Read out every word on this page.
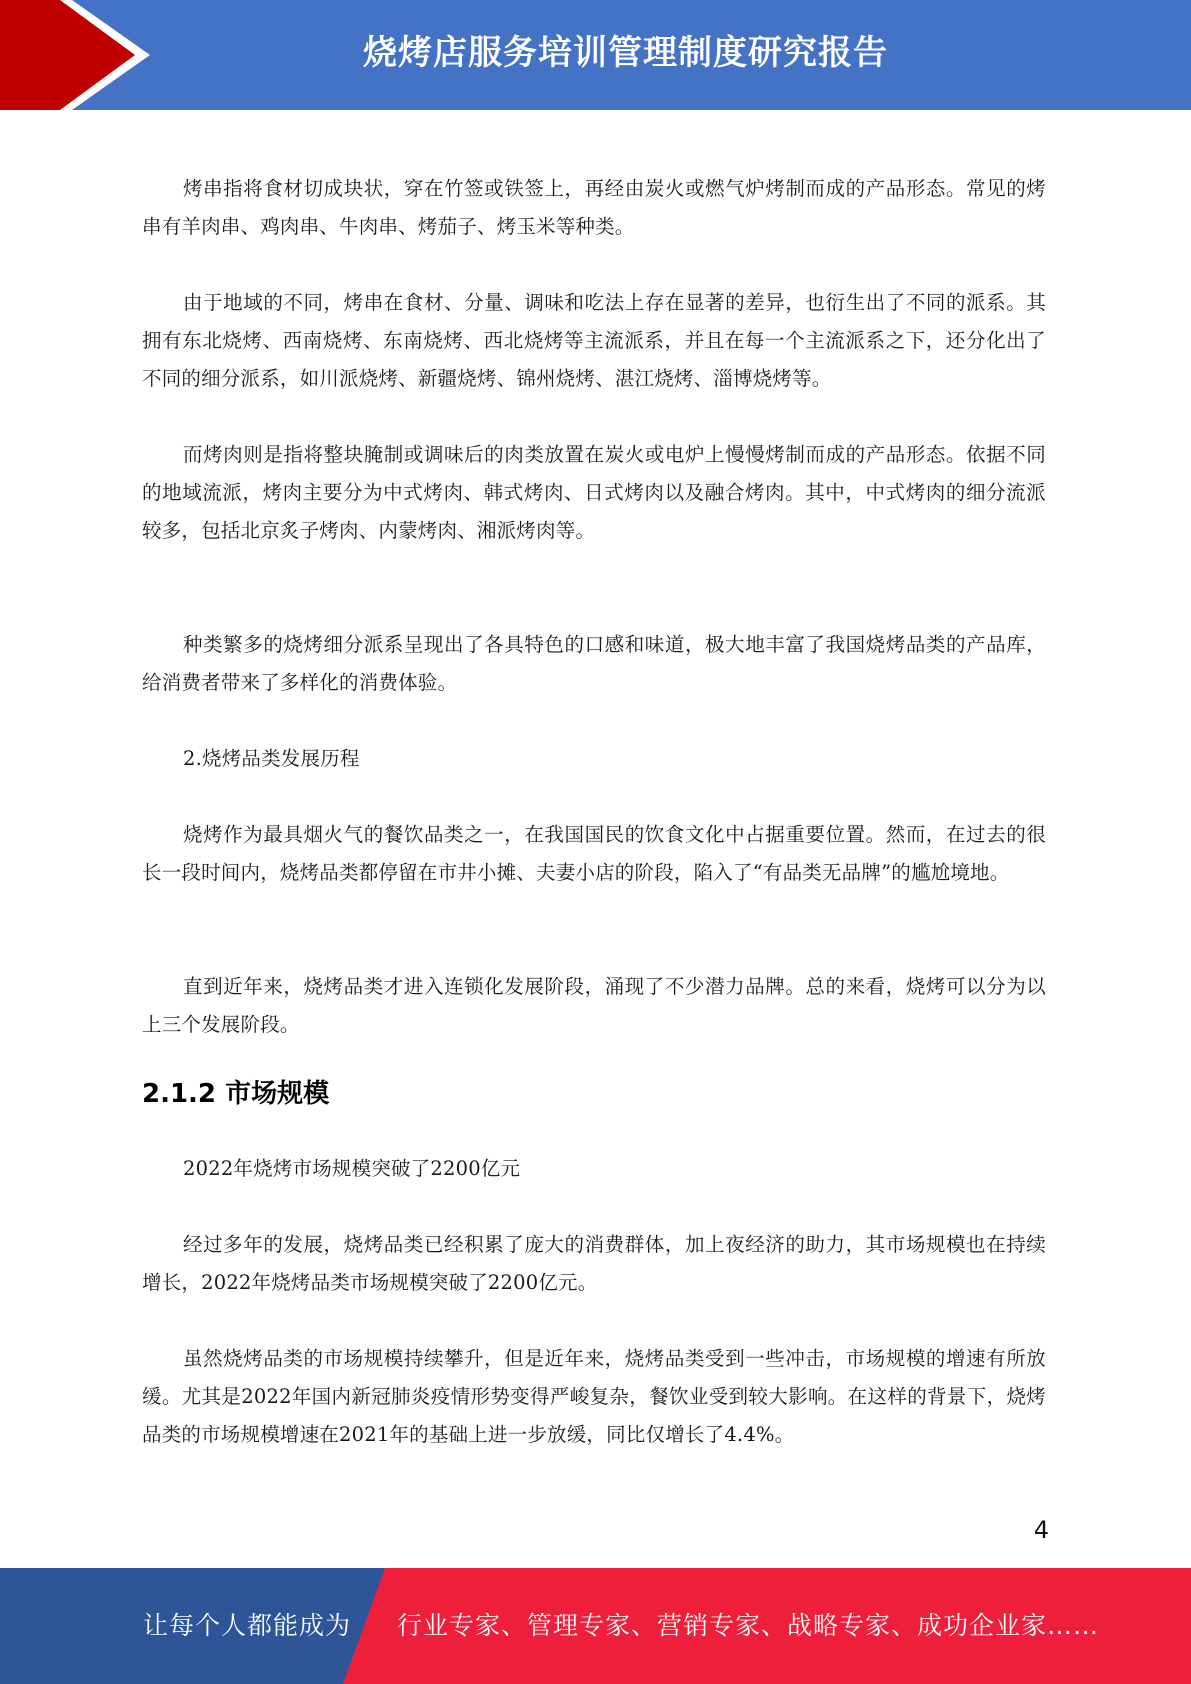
烧烤店服务培训管理制度研究报告

烤串指将食材切成块状，穿在竹签或铁签上，再经由炭火或燃气炉烤制而成的产品形态。常见的烤串有羊肉串、鸡肉串、牛肉串、烤茄子、烤玉米等种类。

由于地域的不同，烤串在食材、分量、调味和吃法上存在显著的差异，也衍生出了不同的派系。其拥有东北烧烤、西南烧烤、东南烧烤、西北烧烤等主流派系，并且在每一个主流派系之下，还分化出了不同的细分派系，如川派烧烤、新疆烧烤、锦州烧烤、湛江烧烤、淄博烧烤等。

而烤肉则是指将整块腌制或调味后的肉类放置在炭火或电炉上慢慢烤制而成的产品形态。依据不同的地域流派，烤肉主要分为中式烤肉、韩式烤肉、日式烤肉以及融合烤肉。其中，中式烤肉的细分流派较多，包括北京炙子烤肉、内蒙烤肉、湘派烤肉等。

种类繁多的烧烤细分派系呈现出了各具特色的口感和味道，极大地丰富了我国烧烤品类的产品库，给消费者带来了多样化的消费体验。

2.烧烤品类发展历程

烧烤作为最具烟火气的餐饮品类之一，在我国国民的饮食文化中占据重要位置。然而，在过去的很长一段时间内，烧烤品类都停留在市井小摊、夫妻小店的阶段，陷入了“有品类无品牌”的尴尬境地。

直到近年来，烧烤品类才进入连锁化发展阶段，涌现了不少潜力品牌。总的来看，烧烤可以分为以上三个发展阶段。

2.1.2 市场规模

2022年烧烤市场规模突破了2200亿元

经过多年的发展，烧烤品类已经积累了庞大的消费群体，加上夜经济的助力，其市场规模也在持续增长，2022年烧烤品类市场规模突破了2200亿元。

虽然烧烤品类的市场规模持续攀升，但是近年来，烧烤品类受到一些冲击，市场规模的增速有所放缓。尤其是2022年国内新冠肺炎疫情形势变得严峻复杂，餐饮业受到较大影响。在这样的背景下，烧烤品类的市场规模增速在2021年的基础上进一步放缓，同比仅增长了4.4%。

4
让每个人都能成为 行业专家、管理专家、营销专家、战略专家、成功企业家……
